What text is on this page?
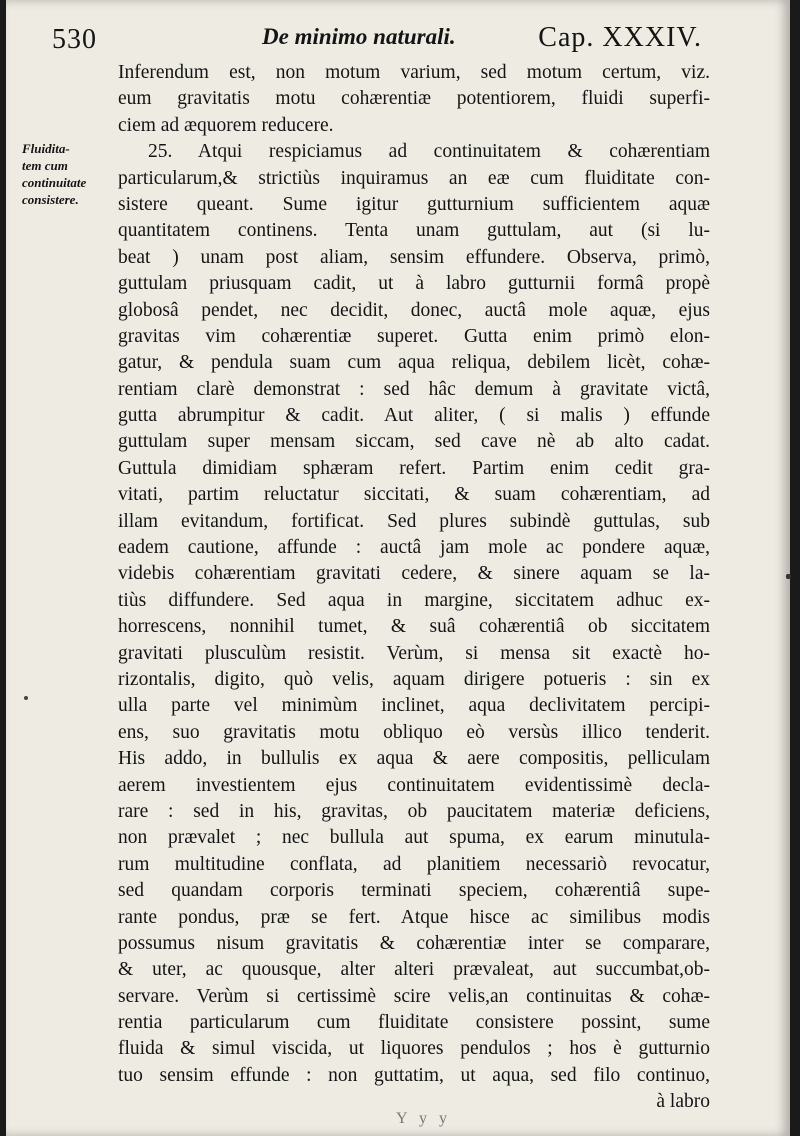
530	De minimo naturali.	Cap. XXXIV.
Fluidita-
tem cum
continuitate
consistere.
Inferendum est, non motum varium, sed motum certum, viz.
eum gravitatis motu cohærentiæ potentiorem, fluidi superfi-
ciem ad æquorem reducere.
25. Atqui respiciamus ad continuitatem & cohærentiam
particularum,& strictiùs inquiramus an eæ cum fluiditate con-
sistere queant. Sume igitur gutturnium sufficientem aquæ
quantitatem continens. Tenta unam guttulam, aut (si lu-
beat ) unam post aliam, sensim effundere. Observa, primò,
guttulam priusquam cadit, ut à labro gutturnii formâ propè
globosâ pendet, nec decidit, donec, auctâ mole aquæ, ejus
gravitas vim cohærentiæ superet. Gutta enim primò elon-
gatur, & pendula suam cum aqua reliqua, debilem licèt, cohæ-
rentiam clarè demonstrat : sed hâc demum à gravitate victâ,
gutta abrumpitur & cadit. Aut aliter, ( si malis ) effunde
guttulam super mensam siccam, sed cave nè ab alto cadat.
Guttula dimidiam sphæram refert. Partim enim cedit gra-
vitati, partim reluctatur siccitati, & suam cohærentiam, ad
illam evitandum, fortificat. Sed plures subindè guttulas, sub
eadem cautione, affunde : auctâ jam mole ac pondere aquæ,
videbis cohærentiam gravitati cedere, & sinere aquam se la-
tiùs diffundere. Sed aqua in margine, siccitatem adhuc ex-
horrescens, nonnihil tumet, & suâ cohærentiâ ob siccitatem
gravitati plusculùm resistit. Verùm, si mensa sit exactè ho-
rizontalis, digito, quò velis, aquam dirigere potueris : sin ex
ulla parte vel minimùm inclinet, aqua declivitatem percipi-
ens, suo gravitatis motu obliquo eò versùs illico tenderit.
His addo, in bullulis ex aqua & aere compositis, pelliculam
aerem investientem ejus continuitatem evidentissimè decla-
rare : sed in his, gravitas, ob paucitatem materiæ deficiens,
non prævalet ; nec bullula aut spuma, ex earum minutula-
rum multitudine conflata, ad planitiem necessariò revocatur,
sed quandam corporis terminati speciem, cohærentiâ supe-
rante pondus, præ se fert. Atque hisce ac similibus modis
possumus nisum gravitatis & cohærentiæ inter se comparare,
& uter, ac quousque, alter alteri prævaleat, aut succumbat,ob-
servare. Verùm si certissimè scire velis,an continuitas & cohæ-
rentia particularum cum fluiditate consistere possint, sume
fluida & simul viscida, ut liquores pendulos ; hos è gutturnio
tuo sensim effunde : non guttatim, ut aqua, sed filo continuo,
à labro
Y y y
